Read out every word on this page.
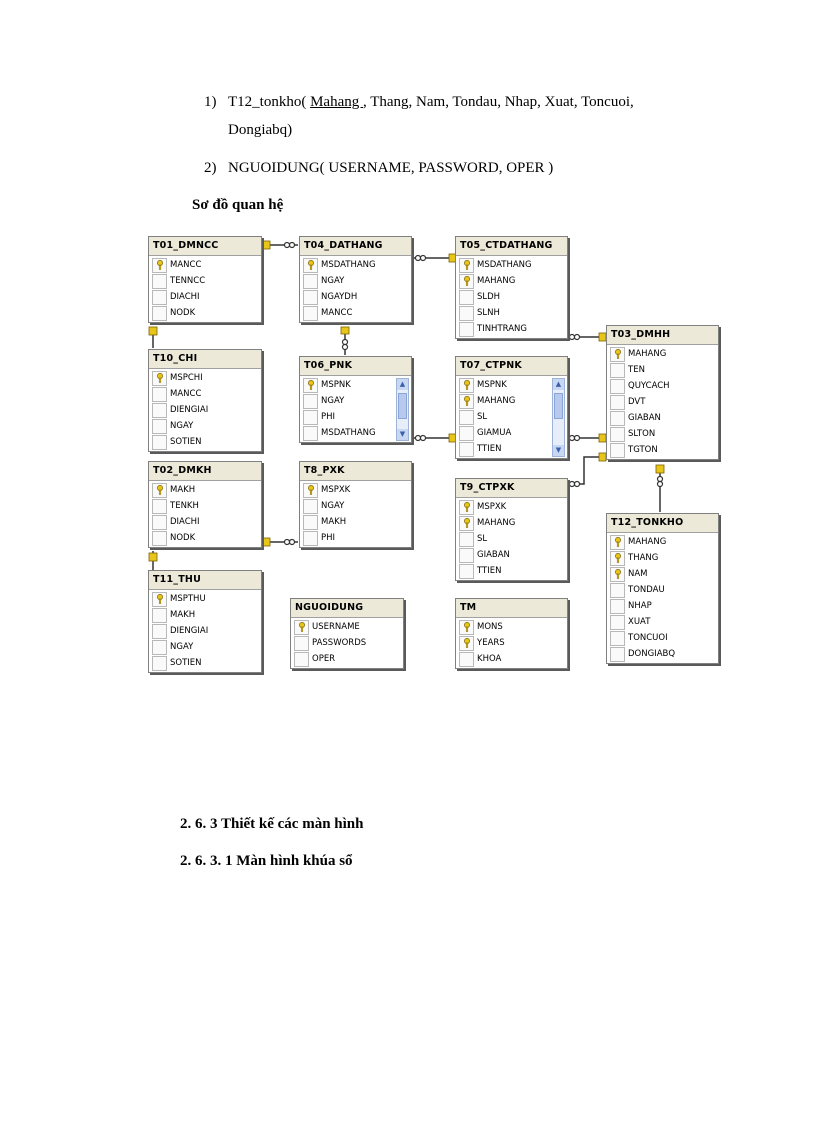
1) T12_tonkho( Mahang , Thang, Nam, Tondau, Nhap, Xuat, Toncuoi,
Dongiabq)
2) NGUOIDUNG( USERNAME, PASSWORD, OPER )
Sơ đồ quan hệ
T01_DMNCC
MANCC
TENNCC
DIACHI
NODK
T04_DATHANG
MSDATHANG
NGAY
NGAYDH
MANCC
T05_CTDATHANG
MSDATHANG
MAHANG
SLDH
SLNH
TINHTRANG	T03_DMHH
MAHANG
TEN
QUYCACH
DVT
GIABAN
SLTON
TGTON
T10_CHI
MSPCHI
MANCC
DIENGIAI
NGAY
SOTIEN
T06_PNK
MSPNK
NGAY
PHI
MSDATHANG
▲
▼
T07_CTPNK
MSPNK
MAHANG
SL
GIAMUA
TTIEN
▲
▼
T02_DMKH
MAKH
TENKH
DIACHI
NODK
T8_PXK
MSPXK
NGAY
MAKH
PHI
T9_CTPXK
MSPXK
MAHANG
SL
GIABAN
TTIEN
T12_TONKHO
MAHANG
THANG
NAM
TONDAU
NHAP
XUAT
TONCUOI
DONGIABQ
T11_THU
MSPTHU
MAKH
DIENGIAI
NGAY
SOTIEN
NGUOIDUNG
USERNAME
PASSWORDS
OPER
TM
MONS
YEARS
KHOA
2. 6. 3 Thiết kế các màn hình
2. 6. 3. 1 Màn hình khúa sổ
